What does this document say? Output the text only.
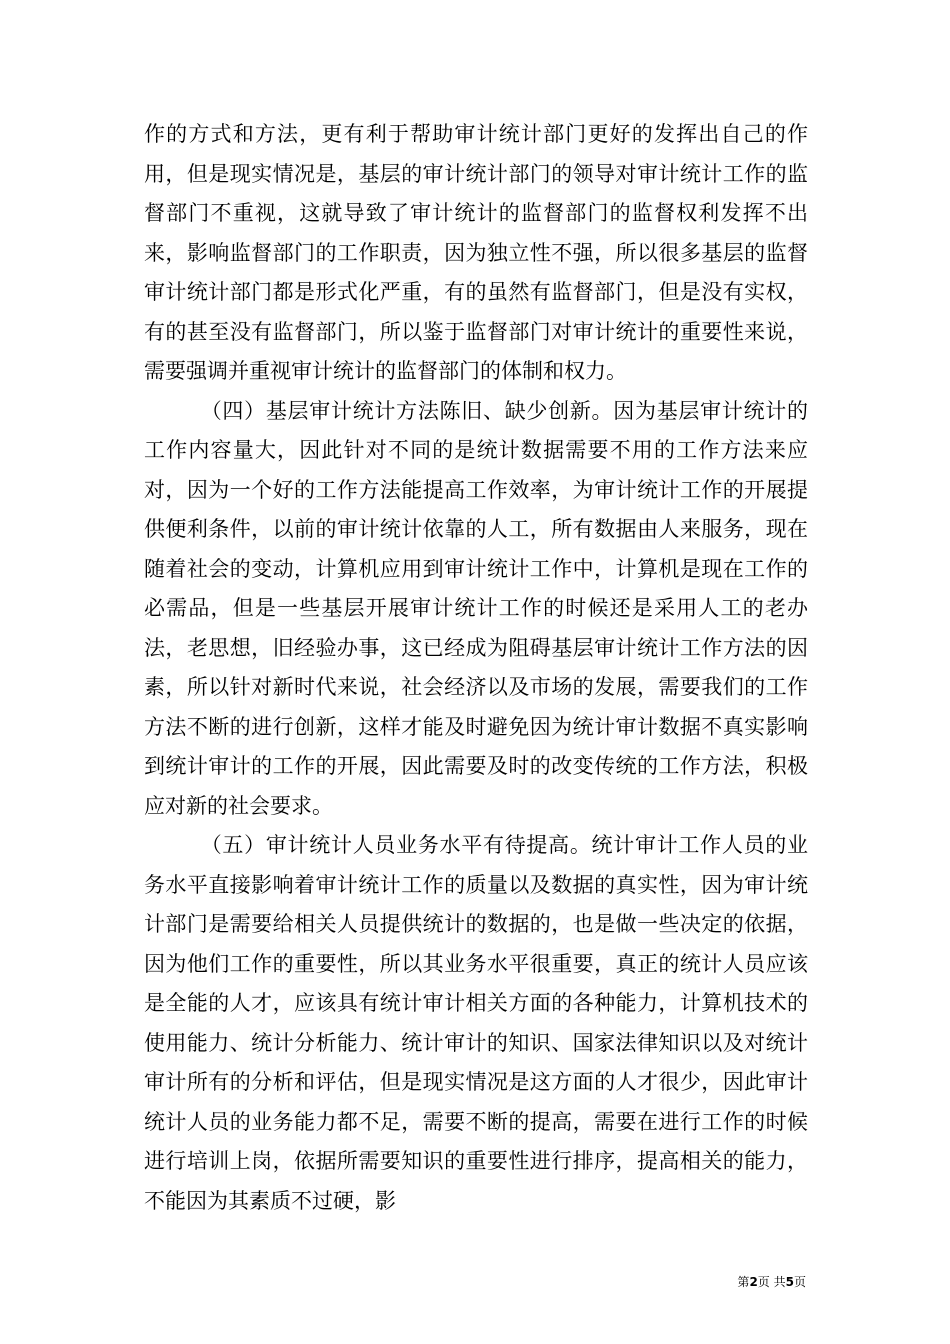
作的方式和方法，更有利于帮助审计统计部门更好的发挥出自己的作用，但是现实情况是，基层的审计统计部门的领导对审计统计工作的监督部门不重视，这就导致了审计统计的监督部门的监督权利发挥不出来，影响监督部门的工作职责，因为独立性不强，所以很多基层的监督审计统计部门都是形式化严重，有的虽然有监督部门，但是没有实权，有的甚至没有监督部门，所以鉴于监督部门对审计统计的重要性来说，需要强调并重视审计统计的监督部门的体制和权力。

（四）基层审计统计方法陈旧、缺少创新。因为基层审计统计的工作内容量大，因此针对不同的是统计数据需要不用的工作方法来应对，因为一个好的工作方法能提高工作效率，为审计统计工作的开展提供便利条件，以前的审计统计依靠的人工，所有数据由人来服务，现在随着社会的变动，计算机应用到审计统计工作中，计算机是现在工作的必需品，但是一些基层开展审计统计工作的时候还是采用人工的老办法，老思想，旧经验办事，这已经成为阻碍基层审计统计工作方法的因素，所以针对新时代来说，社会经济以及市场的发展，需要我们的工作方法不断的进行创新，这样才能及时避免因为统计审计数据不真实影响到统计审计的工作的开展，因此需要及时的改变传统的工作方法，积极应对新的社会要求。

（五）审计统计人员业务水平有待提高。统计审计工作人员的业务水平直接影响着审计统计工作的质量以及数据的真实性，因为审计统计部门是需要给相关人员提供统计的数据的，也是做一些决定的依据，因为他们工作的重要性，所以其业务水平很重要，真正的统计人员应该是全能的人才，应该具有统计审计相关方面的各种能力，计算机技术的使用能力、统计分析能力、统计审计的知识、国家法律知识以及对统计审计所有的分析和评估，但是现实情况是这方面的人才很少，因此审计统计人员的业务能力都不足，需要不断的提高，需要在进行工作的时候进行培训上岗，依据所需要知识的重要性进行排序，提高相关的能力，不能因为其素质不过硬，影

第2页 共5页
